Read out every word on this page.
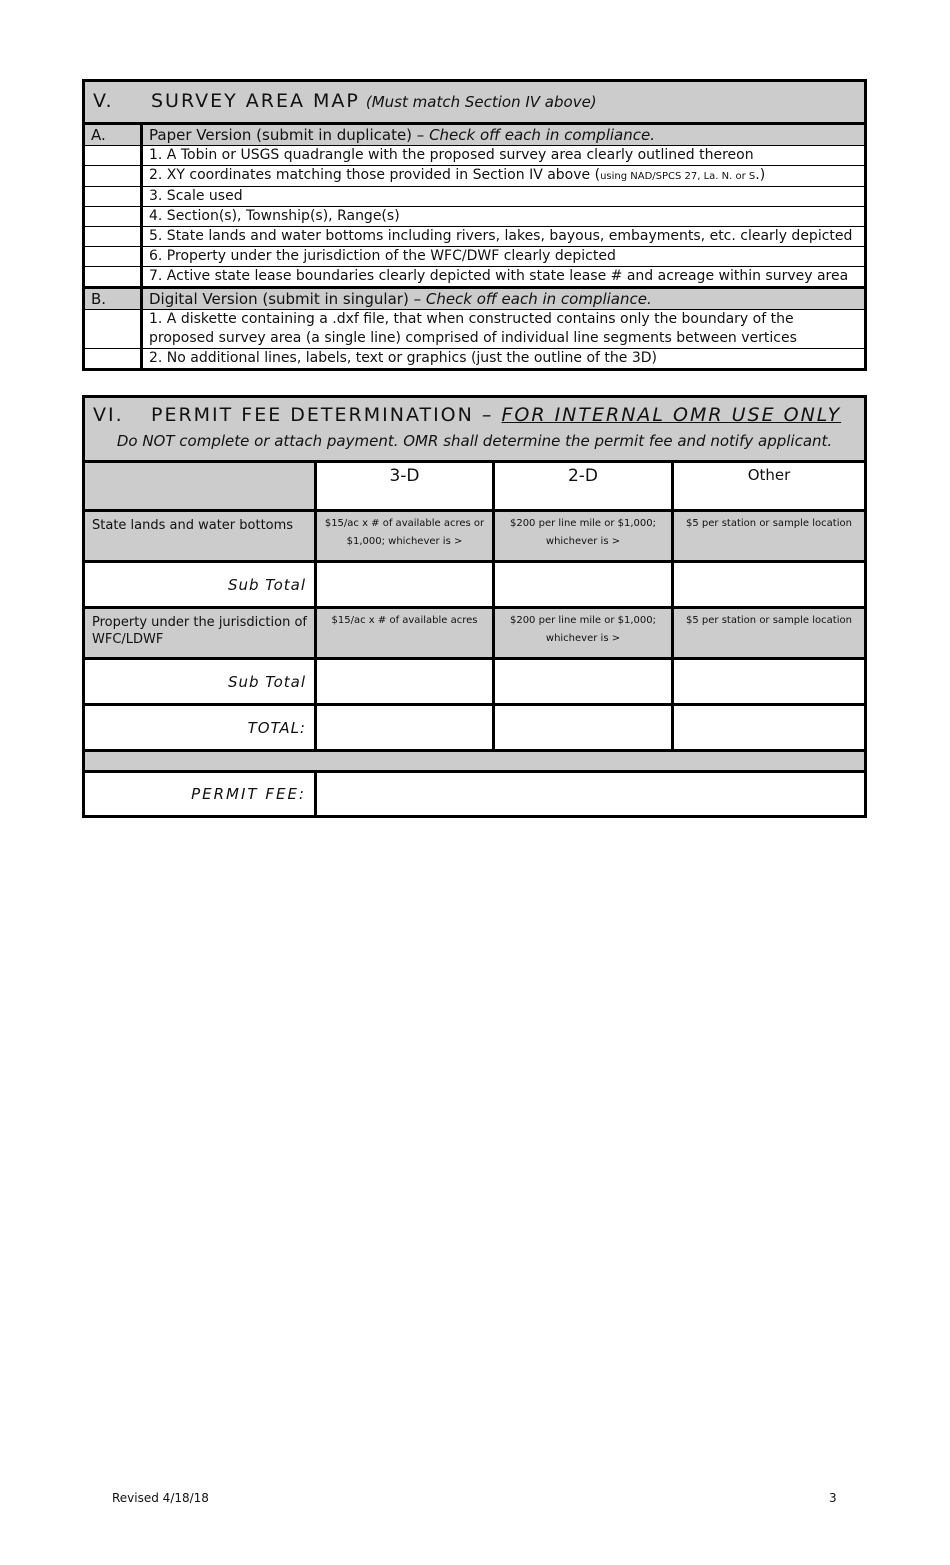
V. SURVEY AREA MAP (Must match Section IV above)	
A.	Paper Version (submit in duplicate) – Check off each in compliance.
	1. A Tobin or USGS quadrangle with the proposed survey area clearly outlined thereon
	2. XY coordinates matching those provided in Section IV above (using NAD/SPCS 27, La. N. or S.)
	3. Scale used
	4. Section(s), Township(s), Range(s)
	5. State lands and water bottoms including rivers, lakes, bayous, embayments, etc. clearly depicted
	6. Property under the jurisdiction of the WFC/DWF clearly depicted
	7. Active state lease boundaries clearly depicted with state lease # and acreage within survey area
B.	Digital Version (submit in singular) – Check off each in compliance.
	1. A diskette containing a .dxf file, that when constructed contains only the boundary of the proposed survey area (a single line) comprised of individual line segments between vertices
	2. No additional lines, labels, text or graphics (just the outline of the 3D)
VI. PERMIT FEE DETERMINATION – FOR INTERNAL OMR USE ONLY
Do NOT complete or attach payment. OMR shall determine the permit fee and notify applicant.			

	3-D	2-D	Other
State lands and water bottoms	$15/ac x # of available acres or $1,000; whichever is >	$200 per line mile or $1,000; whichever is >	$5 per station or sample location
Sub Total			
Property under the jurisdiction of WFC/LDWF	$15/ac x # of available acres	$200 per line mile or $1,000; whichever is >	$5 per station or sample location
Sub Total			
TOTAL:			

PERMIT FEE:			
Revised 4/18/18	3
